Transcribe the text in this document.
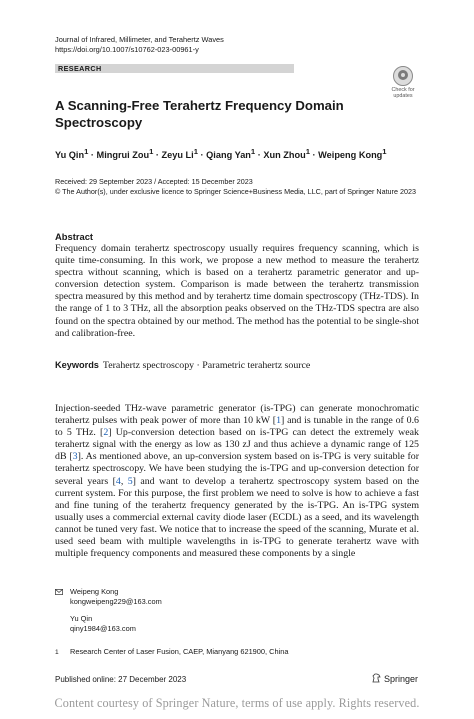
Journal of Infrared, Millimeter, and Terahertz Waves
https://doi.org/10.1007/s10762-023-00961-y
RESEARCH
Check for
updates
A Scanning-Free Terahertz Frequency Domain Spectroscopy
Yu Qin$^1$ · Mingrui Zou$^1$ · Zeyu $Li^1$ · Qiang Yan$^1$ · Xun Zhou$^1$ · Weipeng Kong$^1$
Received: 29 September 2023 / Accepted: 15 December 2023
© The Author(s), under exclusive licence to Springer Science+Business Media, LLC, part of Springer Nature 2023
Abstract
Frequency domain terahertz spectroscopy usually requires frequency scanning, which is quite time-consuming. In this work, we propose a new method to measure the terahertz spectra without scanning, which is based on a terahertz parametric generator and up-conversion detection system. Comparison is made between the terahertz transmission spectra measured by this method and by terahertz time domain spectroscopy (THz-TDS). In the range of 1 to 3 THz, all the absorption peaks observed on the THz-TDS spectra are also found on the spectra obtained by our method. The method has the potential to be single-shot and calibration-free.
Keywords Terahertz spectroscopy · Parametric terahertz source
Injection-seeded THz-wave parametric generator (is-TPG) can generate monochromatic terahertz pulses with peak power of more than 10 kW [1] and is tunable in the range of 0.6 to 5 THz. [2] Up-conversion detection based on is-TPG can detect the extremely weak terahertz signal with the energy as low as 130 zJ and thus achieve a dynamic range of 125 dB [3]. As mentioned above, an up-conversion system based on is-TPG is very suitable for terahertz spectroscopy. We have been studying the is-TPG and up-conversion detection for several years [4, 5] and want to develop a terahertz spectroscopy system based on the current system. For this purpose, the first problem we need to solve is how to achieve a fast and fine tuning of the terahertz frequency generated by the is-TPG. An is-TPG system usually uses a commercial external cavity diode laser (ECDL) as a seed, and its wavelength cannot be tuned very fast. We notice that to increase the speed of the scanning, Murate et al. used seed beam with multiple wavelengths in is-TPG to generate terahertz wave with multiple frequency components and measured these components by a single
Weipeng Kong
kongweipeng229@163.com
Yu Qin
qiny1984@163.com
1 Research Center of Laser Fusion, CAEP, Mianyang 621900, China
Published online: 27 December 2023	Springer
Content courtesy of Springer Nature, terms of use apply. Rights reserved.
